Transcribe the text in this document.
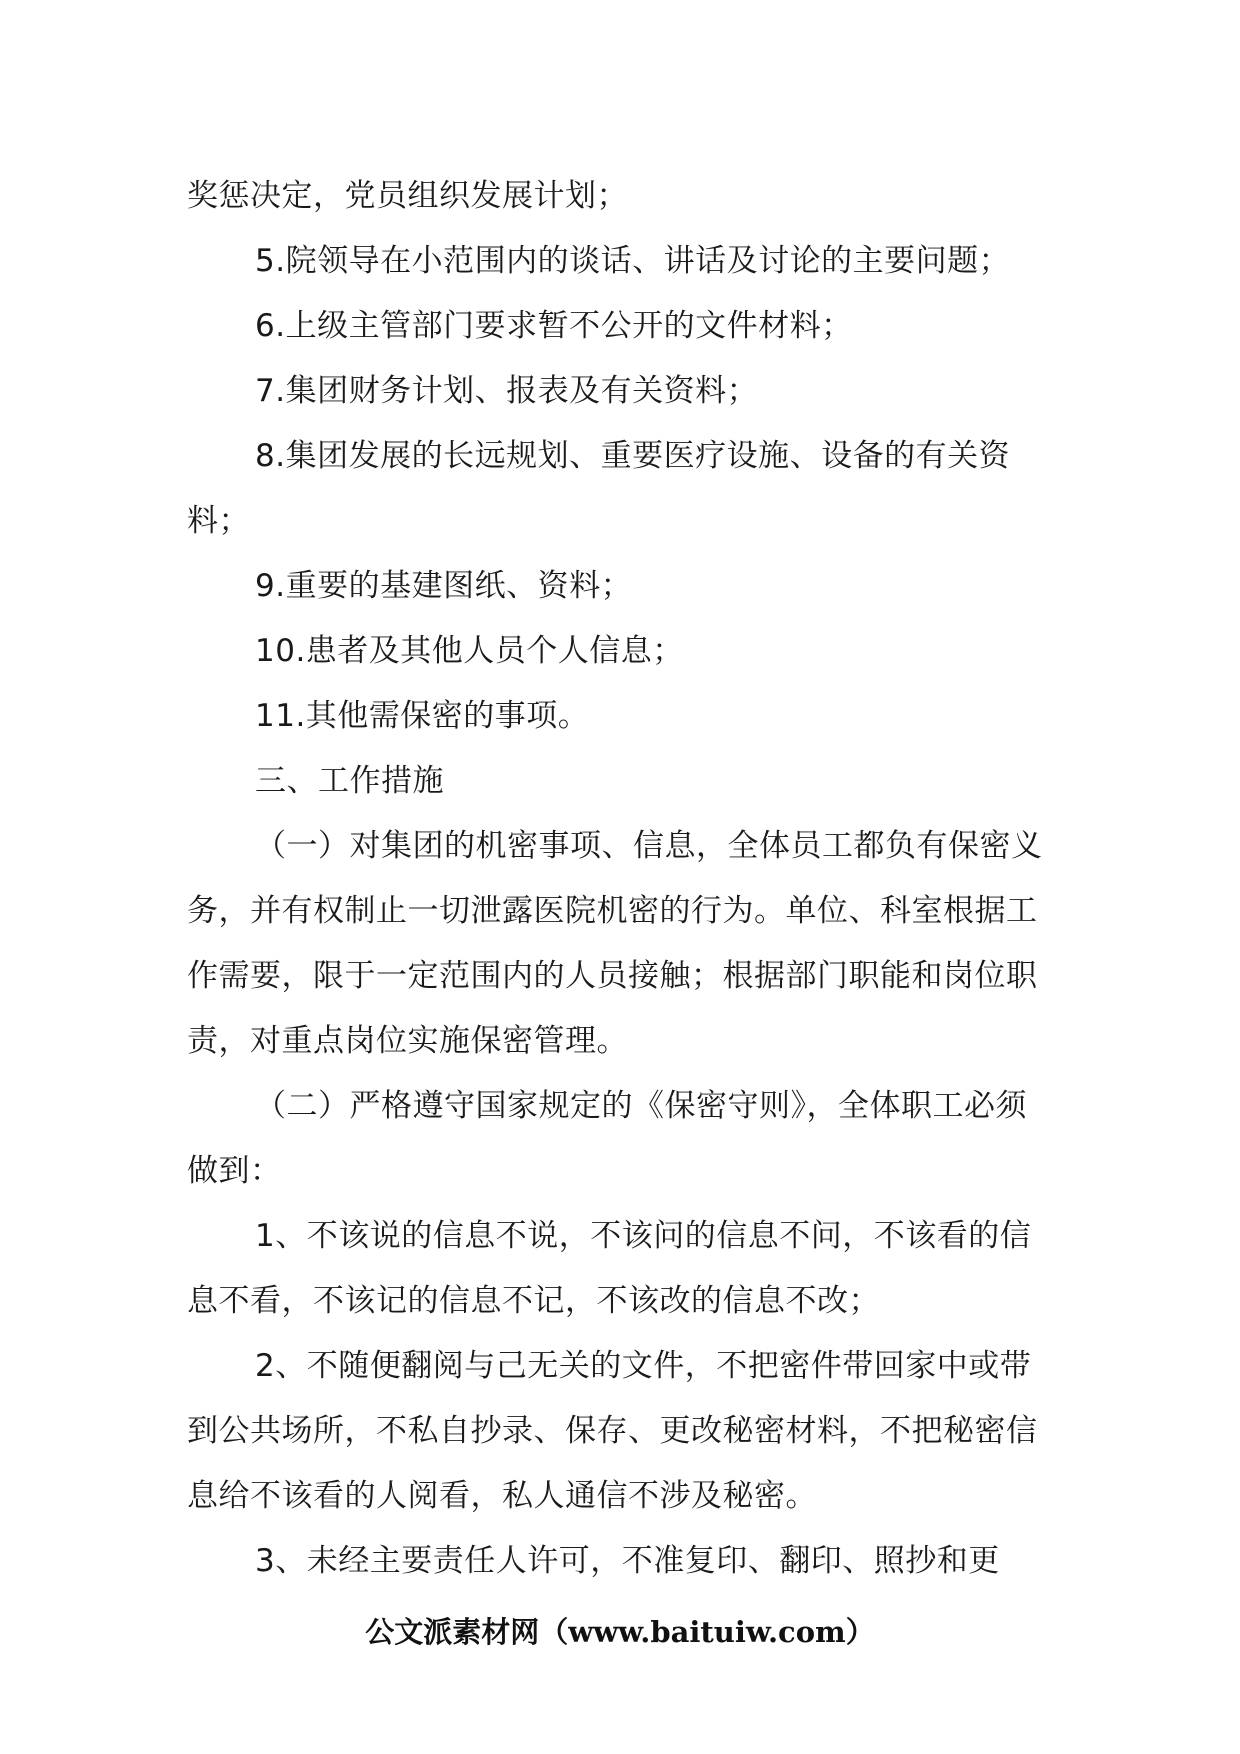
奖惩决定，党员组织发展计划；

5.院领导在小范围内的谈话、讲话及讨论的主要问题；

6.上级主管部门要求暂不公开的文件材料；

7.集团财务计划、报表及有关资料；

8.集团发展的长远规划、重要医疗设施、设备的有关资料；

9.重要的基建图纸、资料；

10.患者及其他人员个人信息；

11.其他需保密的事项。

三、工作措施

（一）对集团的机密事项、信息，全体员工都负有保密义务，并有权制止一切泄露医院机密的行为。单位、科室根据工作需要，限于一定范围内的人员接触；根据部门职能和岗位职责，对重点岗位实施保密管理。

（二）严格遵守国家规定的《保密守则》，全体职工必须做到：

1、不该说的信息不说，不该问的信息不问，不该看的信息不看，不该记的信息不记，不该改的信息不改；

2、不随便翻阅与己无关的文件，不把密件带回家中或带到公共场所，不私自抄录、保存、更改秘密材料，不把秘密信息给不该看的人阅看，私人通信不涉及秘密。

3、未经主要责任人许可，不准复印、翻印、照抄和更

公文派素材网（www.baituiw.com）
